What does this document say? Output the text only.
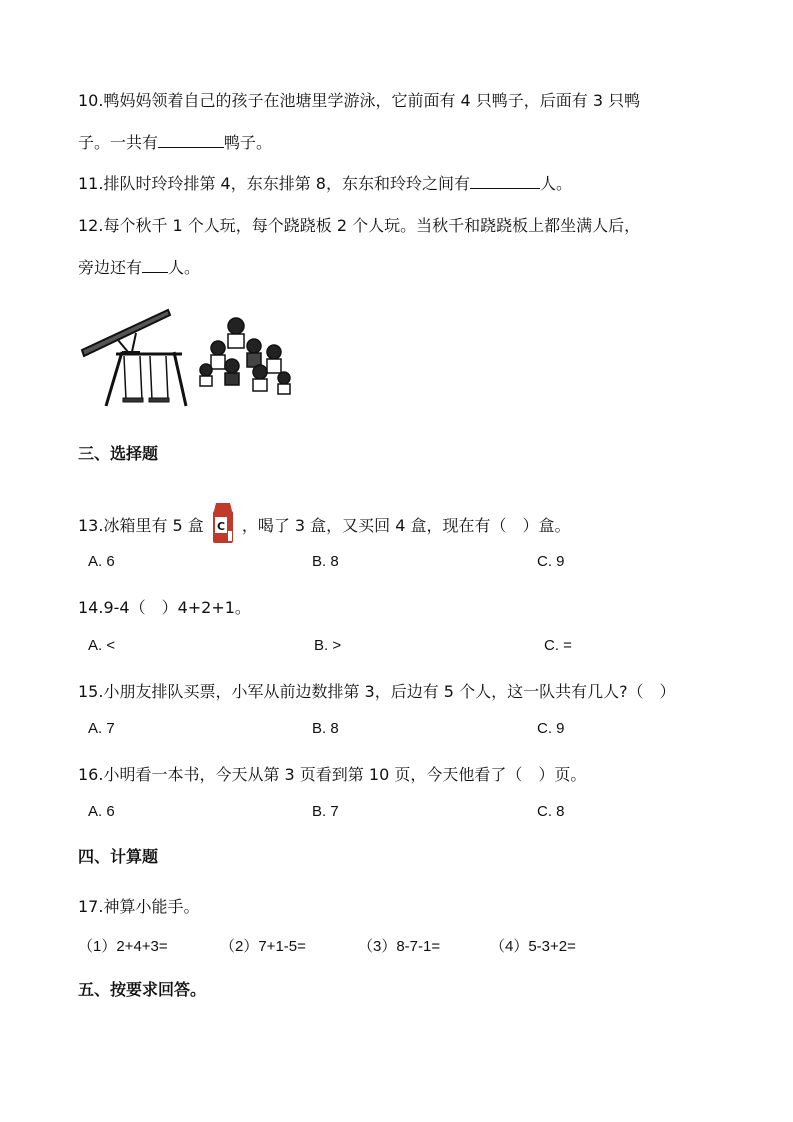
10.鸭妈妈领着自己的孩子在池塘里学游泳，它前面有 4 只鸭子，后面有 3 只鸭
子。一共有	鸭子。
11.排队时玲玲排第 4，东东排第 8，东东和玲玲之间有	人。
12.每个秋千 1 个人玩，每个跷跷板 2 个人玩。当秋千和跷跷板上都坐满人后，
旁边还有 人。
三、选择题
13.冰箱里有 5 盒 C ，喝了 3 盒，又买回 4 盒，现在有（　）盒。
A. 6	B. 8	C. 9
14.9-4（　）4+2+1。
A. <	B. >	C. =
15.小朋友排队买票，小军从前边数排第 3，后边有 5 个人，这一队共有几人?（　）
A. 7	B. 8	C. 9
16.小明看一本书，今天从第 3 页看到第 10 页，今天他看了（　）页。
A. 6	B. 7	C. 8
四、计算题
17.神算小能手。
（1）2+4+3=	（2）7+1-5=	（3）8-7-1=	（4）5-3+2=
五、按要求回答。
